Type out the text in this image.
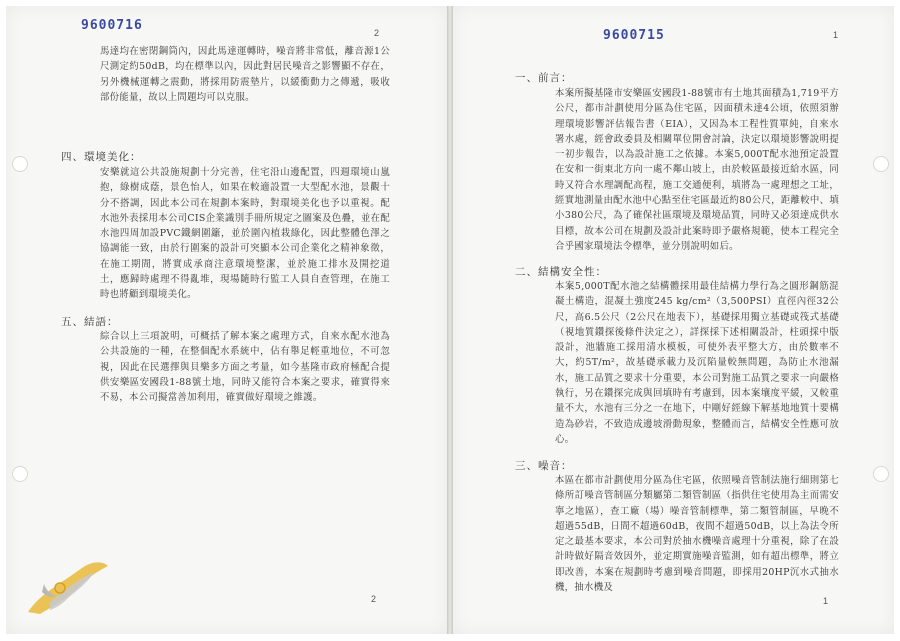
9600716	2
馬達均在密閉鋼筒內，因此馬達運轉時，噪音將非常低，離音源1公尺測定約50dB，均在標準以內，因此對居民噪音之影響顯不存在，另外機械運轉之震動，將採用防震墊片，以緩衝動力之傳遞，吸收部份能量，故以上問題均可以克服。
四、環境美化：
安樂就這公共設施規劃十分完善，住宅沿山邊配置，四週環境山嵐抱，綠樹成蔭，景色怡人，如果在較適設置一大型配水池，景觀十分不搭調，因此本公司在規劃本案時，對環境美化也予以重視。配水池外表採用本公司CIS企業識別手冊所規定之圖案及色疊，並在配水池四周加設PVC鐵網圍籬，並於圍內植栽綠化，因此整體色澤之協調能一致，由於行圍案的設計可突顯本公司企業化之精神象徵，在施工期間，將實成承商注意環境整潔，並於施工排水及開挖道土，應歸時處理不得亂堆，現場隨時行監工人員自查管理，在施工時也將顧到環境美化。
五、結語：
綜合以上三項說明，可概括了解本案之處理方式，自來水配水池為公共設施的一種，在整個配水系統中，佔有舉足輕重地位，不可忽視，因此在民選擇與貝樂多方面之考量，如今基隆市政府極配合提供安樂區安國段1-88號土地，同時又能符合本案之要求，確實得來不易，本公司擬當善加利用，確實做好環境之維護。
2
9600715	1
一、前言：
本案所擬基隆市安樂區安國段1-88號市有土地其面積為1,719平方公尺，都市計劃使用分區為住宅區，因面積未達4公頃，依照須辦理環境影響評估報告書（EIA），又因為本工程性質單純，自來水署水處，經會政委員及相關單位開會討論，決定以環境影響說明提一初步報告，以為設計施工之依據。本案5,000T配水池預定設置在安和一街東北方向一處不鄰山坡上，由於較區最接近給水區，同時又符合水理調配高程，施工交通便利，填將為一處理想之工址，經實地測量由配水池中心點至住宅區最近約80公尺，距離較中、填小380公尺，為了確保社區環境及環境品質，同時又必須達成供水目標，故本公司在規劃及設計此案時即予嚴格規範，使本工程完全合乎國家環境法令標準，並分別說明如后。
二、結構安全性：
本案5,000T配水池之結構體採用最佳結構力學行為之圓形鋼筋混凝土構造，混凝土強度245 kg/cm²（3,500PSI）直徑內徑32公尺，高6.5公尺（2公尺在地表下），基礎採用獨立基礎或筏式基礎（視地質鑽探後條件決定之），詳探採下述相關設計，柱頭採中版設計，池牆施工採用清水模板，可使外表平整大方，由於數率不大，約5T/m²，故基礎承載力及沉陷量較無問題，為防止水池漏水，施工品質之要求十分重要，本公司對施工品質之要求一向嚴格執行，另在鑽探完成與回填時有考慮到，因本案壤度平緩，又較重量不大，水池有三分之一在地下，中剛好經線下解基地地質十要構造為砂岩，不致造成邊坡滑動現象，整體而言，結構安全性應可放心。
三、噪音：
本區在都市計劃使用分區為住宅區，依照噪音管制法施行細則第七條所訂噪音管制區分類屬第二類管制區（指供住宅使用為主而需安寧之地區），查工廠（場）噪音管制標準，第二類管制區，早晚不超過55dB，日間不超過60dB，夜間不超過50dB，以上為法令所定之最基本要求，本公司對於抽水機噪音處理十分重視，除了在設計時做好隔音效因外，並定期實施噪音監測，如有超出標準，將立即改善，本案在規劃時考慮到噪音問題，即採用20HP沉水式抽水機，抽水機及
1
